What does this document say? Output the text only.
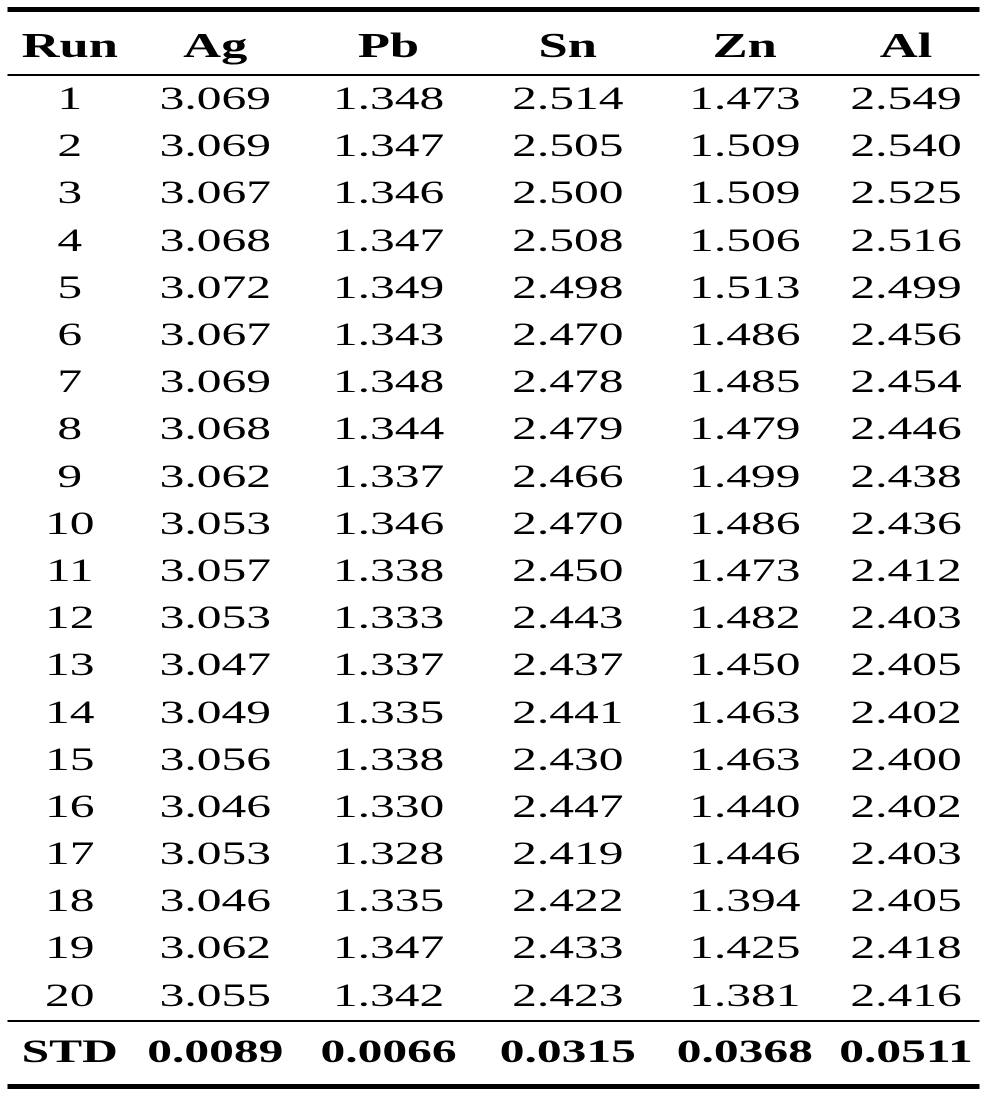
Run	Ag	Pb	Sn	Zn	Al
1	3.069	1.348	2.514	1.473	2.549
2	3.069	1.347	2.505	1.509	2.540
3	3.067	1.346	2.500	1.509	2.525
4	3.068	1.347	2.508	1.506	2.516
5	3.072	1.349	2.498	1.513	2.499
6	3.067	1.343	2.470	1.486	2.456
7	3.069	1.348	2.478	1.485	2.454
8	3.068	1.344	2.479	1.479	2.446
9	3.062	1.337	2.466	1.499	2.438
10	3.053	1.346	2.470	1.486	2.436
11	3.057	1.338	2.450	1.473	2.412
12	3.053	1.333	2.443	1.482	2.403
13	3.047	1.337	2.437	1.450	2.405
14	3.049	1.335	2.441	1.463	2.402
15	3.056	1.338	2.430	1.463	2.400
16	3.046	1.330	2.447	1.440	2.402
17	3.053	1.328	2.419	1.446	2.403
18	3.046	1.335	2.422	1.394	2.405
19	3.062	1.347	2.433	1.425	2.418
20	3.055	1.342	2.423	1.381	2.416
STD	0.0089	0.0066	0.0315	0.0368	0.0511
